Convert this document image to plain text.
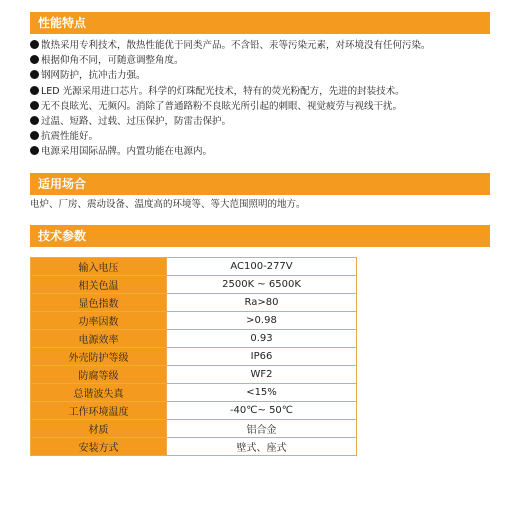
性能特点
散热采用专利技术，散热性能优于同类产品。不含铅、汞等污染元素，对环境没有任何污染。
根据仰角不同，可随意调整角度。
钢网防护，抗冲击力强。
LED 光源采用进口芯片。科学的灯珠配光技术，特有的荧光粉配方，先进的封装技术。
无不良眩光、无频闪。消除了普通路粉不良眩光所引起的刺眼、视觉疲劳与视线干扰。
过温、短路、过载、过压保护，防雷击保护。
抗震性能好。
电源采用国际品牌。内置功能在电源内。
适用场合
电炉、厂房、震动设备、温度高的环境等、等大范围照明的地方。
技术参数
输入电压	AC100-277V
相关色温	2500K ~ 6500K
显色指数	Ra>80
功率因数	>0.98
电源效率	0.93
外壳防护等级	IP66
防腐等级	WF2
总谐波失真	<15%
工作环境温度	-40℃~ 50℃
材质	铝合金
安装方式	壁式、座式
